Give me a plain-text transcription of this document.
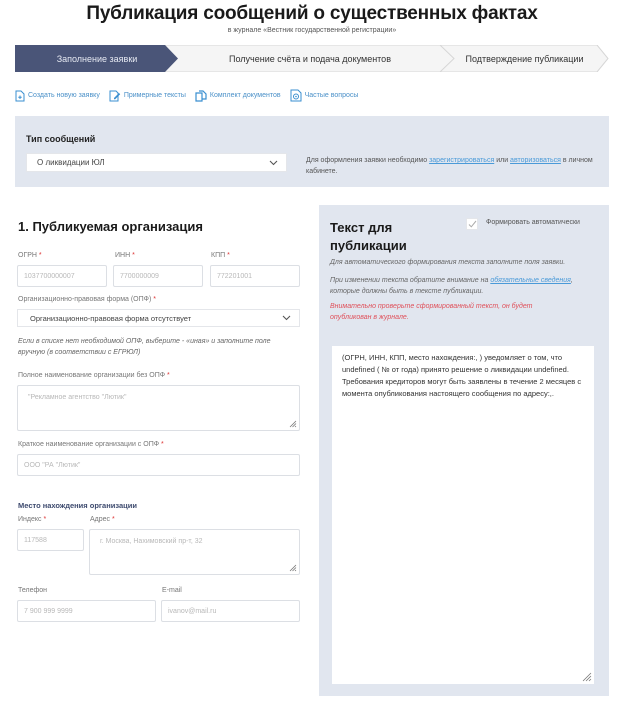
Публикация сообщений о существенных фактах
в журнале «Вестник государственной регистрации»
Подтверждение публикации
Получение счёта и подача документов
Заполнение заявки
Создать новую заявку	Примерные тексты	Комплект документов	Частые вопросы
Тип сообщений
О ликвидации ЮЛ	Для оформления заявки необходимо зарегистрироваться или авторизоваться в личном кабинете.
1. Публикуемая организация
ОГРН *
1037700000007
ИНН *
7700000009
КПП *
772201001
Организационно-правовая форма (ОПФ) *
Организационно-правовая форма отсутствует
Если в списке нет необходимой ОПФ, выберите - «иная» и заполните поле вручную (в соответствии с ЕГРЮЛ)
Полное наименование организации без ОПФ *
"Рекламное агентство "Лютик"
Краткое наименование организации с ОПФ *
ООО "РА "Лютик"
Место нахождения организации
Индекс *
117588
Адрес *
г. Москва, Нахимовский пр-т, 32
Телефон
7 900 999 9999
E-mail
ivanov@mail.ru
Текст для публикации
Формировать автоматически
Для автоматического формирования текста заполните поля заявки.
При изменении текста обратите внимание на обязательные сведения, которые должны быть в тексте публикации.
Внимательно проверьте сформированный текст, он будет опубликован в журнале.
(ОГРН, ИНН, КПП, место нахождения:, ) уведомляет о том, что undefined ( № от года) принято решение о ликвидации undefined. Требования кредиторов могут быть заявлены в течение 2 месяцев с момента опубликования настоящего сообщения по адресу:,.
